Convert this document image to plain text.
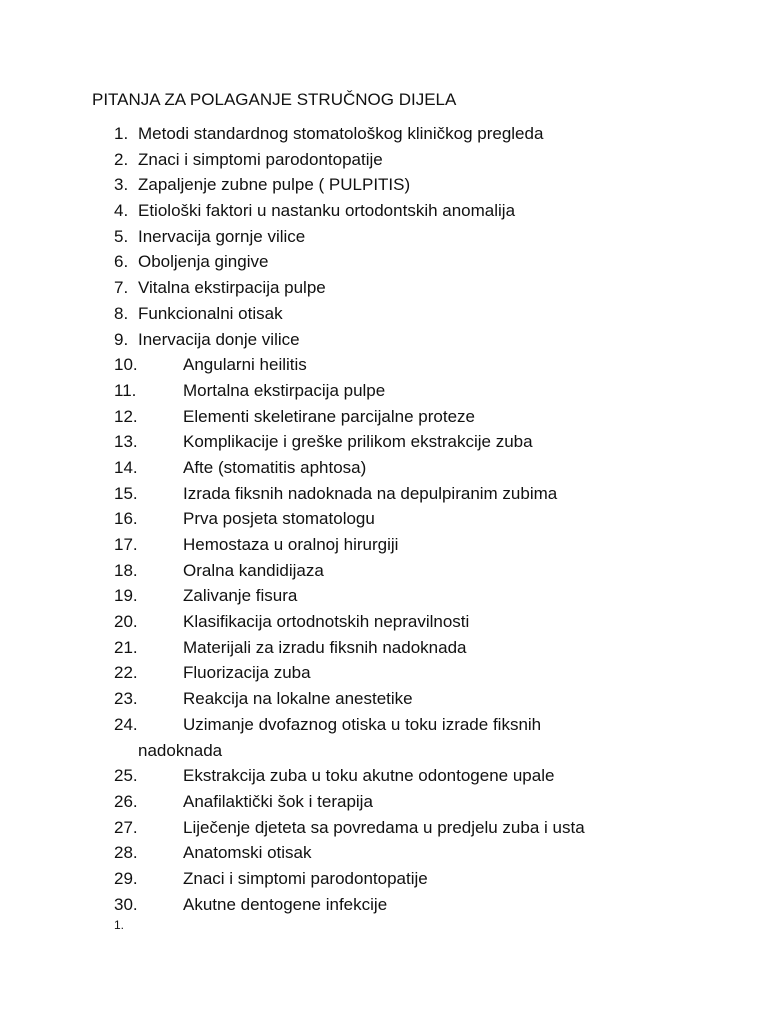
PITANJA ZA POLAGANJE STRUČNOG DIJELA
1. Metodi standardnog stomatološkog kliničkog pregleda
2. Znaci i simptomi parodontopatije
3. Zapaljenje zubne pulpe ( PULPITIS)
4. Etiološki faktori u nastanku ortodontskih anomalija
5. Inervacija gornje vilice
6. Oboljenja gingive
7. Vitalna ekstirpacija pulpe
8. Funkcionalni otisak
9. Inervacija donje vilice
10.	Angularni heilitis
11.	Mortalna ekstirpacija pulpe
12.	Elementi skeletirane parcijalne proteze
13.	Komplikacije i greške prilikom ekstrakcije zuba
14.	Afte (stomatitis aphtosa)
15.	Izrada fiksnih nadoknada na depulpiranim zubima
16.	Prva posjeta stomatologu
17.	Hemostaza u oralnoj hirurgiji
18.	Oralna kandidijaza
19.	Zalivanje fisura
20.	Klasifikacija ortodnotskih nepravilnosti
21.	Materijali za izradu fiksnih nadoknada
22.	Fluorizacija zuba
23.	Reakcija na lokalne anestetike
24.	Uzimanje dvofaznog otiska u toku izrade fiksnih
nadoknada
25.	Ekstrakcija zuba u toku akutne odontogene upale
26.	Anafilaktički šok i terapija
27.	Liječenje djeteta sa povredama u predjelu zuba i usta
28.	Anatomski otisak
29.	Znaci i simptomi parodontopatije
30.	Akutne dentogene infekcije
1.
